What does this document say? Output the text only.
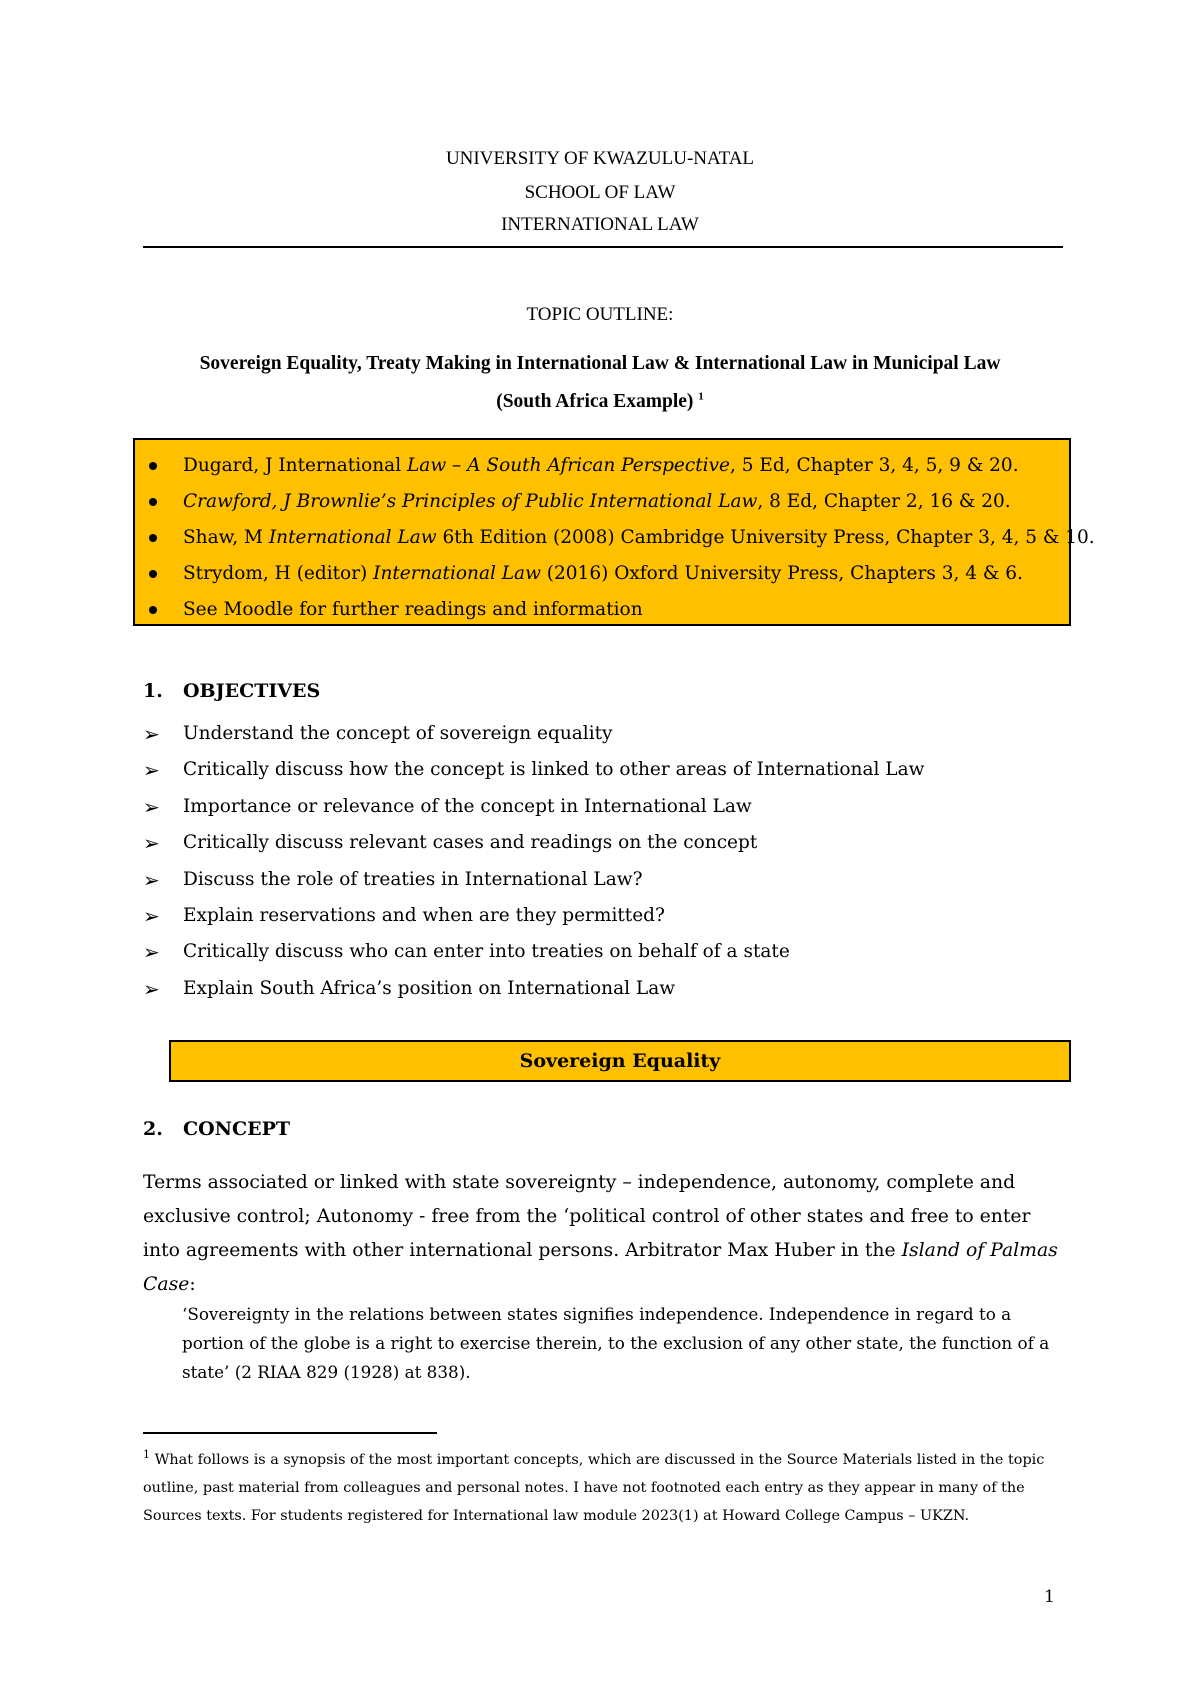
UNIVERSITY OF KWAZULU-NATAL
SCHOOL OF LAW
INTERNATIONAL LAW
TOPIC OUTLINE:
Sovereign Equality, Treaty Making in International Law & International Law in Municipal Law
(South Africa Example) $^1$
Dugard, J International Law – A South African Perspective, 5 Ed, Chapter 3, 4, 5, 9 & 20.
Crawford, J Brownlie’s Principles of Public International Law, 8 Ed, Chapter 2, 16 & 20.
Shaw, M International Law 6th Edition (2008) Cambridge University Press, Chapter 3, 4, 5 & 10.
Strydom, H (editor) International Law (2016) Oxford University Press, Chapters 3, 4 & 6.
See Moodle for further readings and information
1. OBJECTIVES
➢ Understand the concept of sovereign equality
➢ Critically discuss how the concept is linked to other areas of International Law
➢ Importance or relevance of the concept in International Law
➢ Critically discuss relevant cases and readings on the concept
➢ Discuss the role of treaties in International Law?
➢ Explain reservations and when are they permitted?
➢ Critically discuss who can enter into treaties on behalf of a state
➢ Explain South Africa’s position on International Law
Sovereign Equality
2. CONCEPT
Terms associated or linked with state sovereignty – independence, autonomy, complete and exclusive control; Autonomy - free from the ‘political control of other states and free to enter into agreements with other international persons. Arbitrator Max Huber in the Island of Palmas Case:
‘Sovereignty in the relations between states signifies independence. Independence in regard to a portion of the globe is a right to exercise therein, to the exclusion of any other state, the function of a state’ (2 RIAA 829 (1928) at 838).
$^1$ What follows is a synopsis of the most important concepts, which are discussed in the Source Materials listed in the topic outline, past material from colleagues and personal notes. I have not footnoted each entry as they appear in many of the Sources texts. For students registered for International law module 2023(1) at Howard College Campus – UKZN.
1
